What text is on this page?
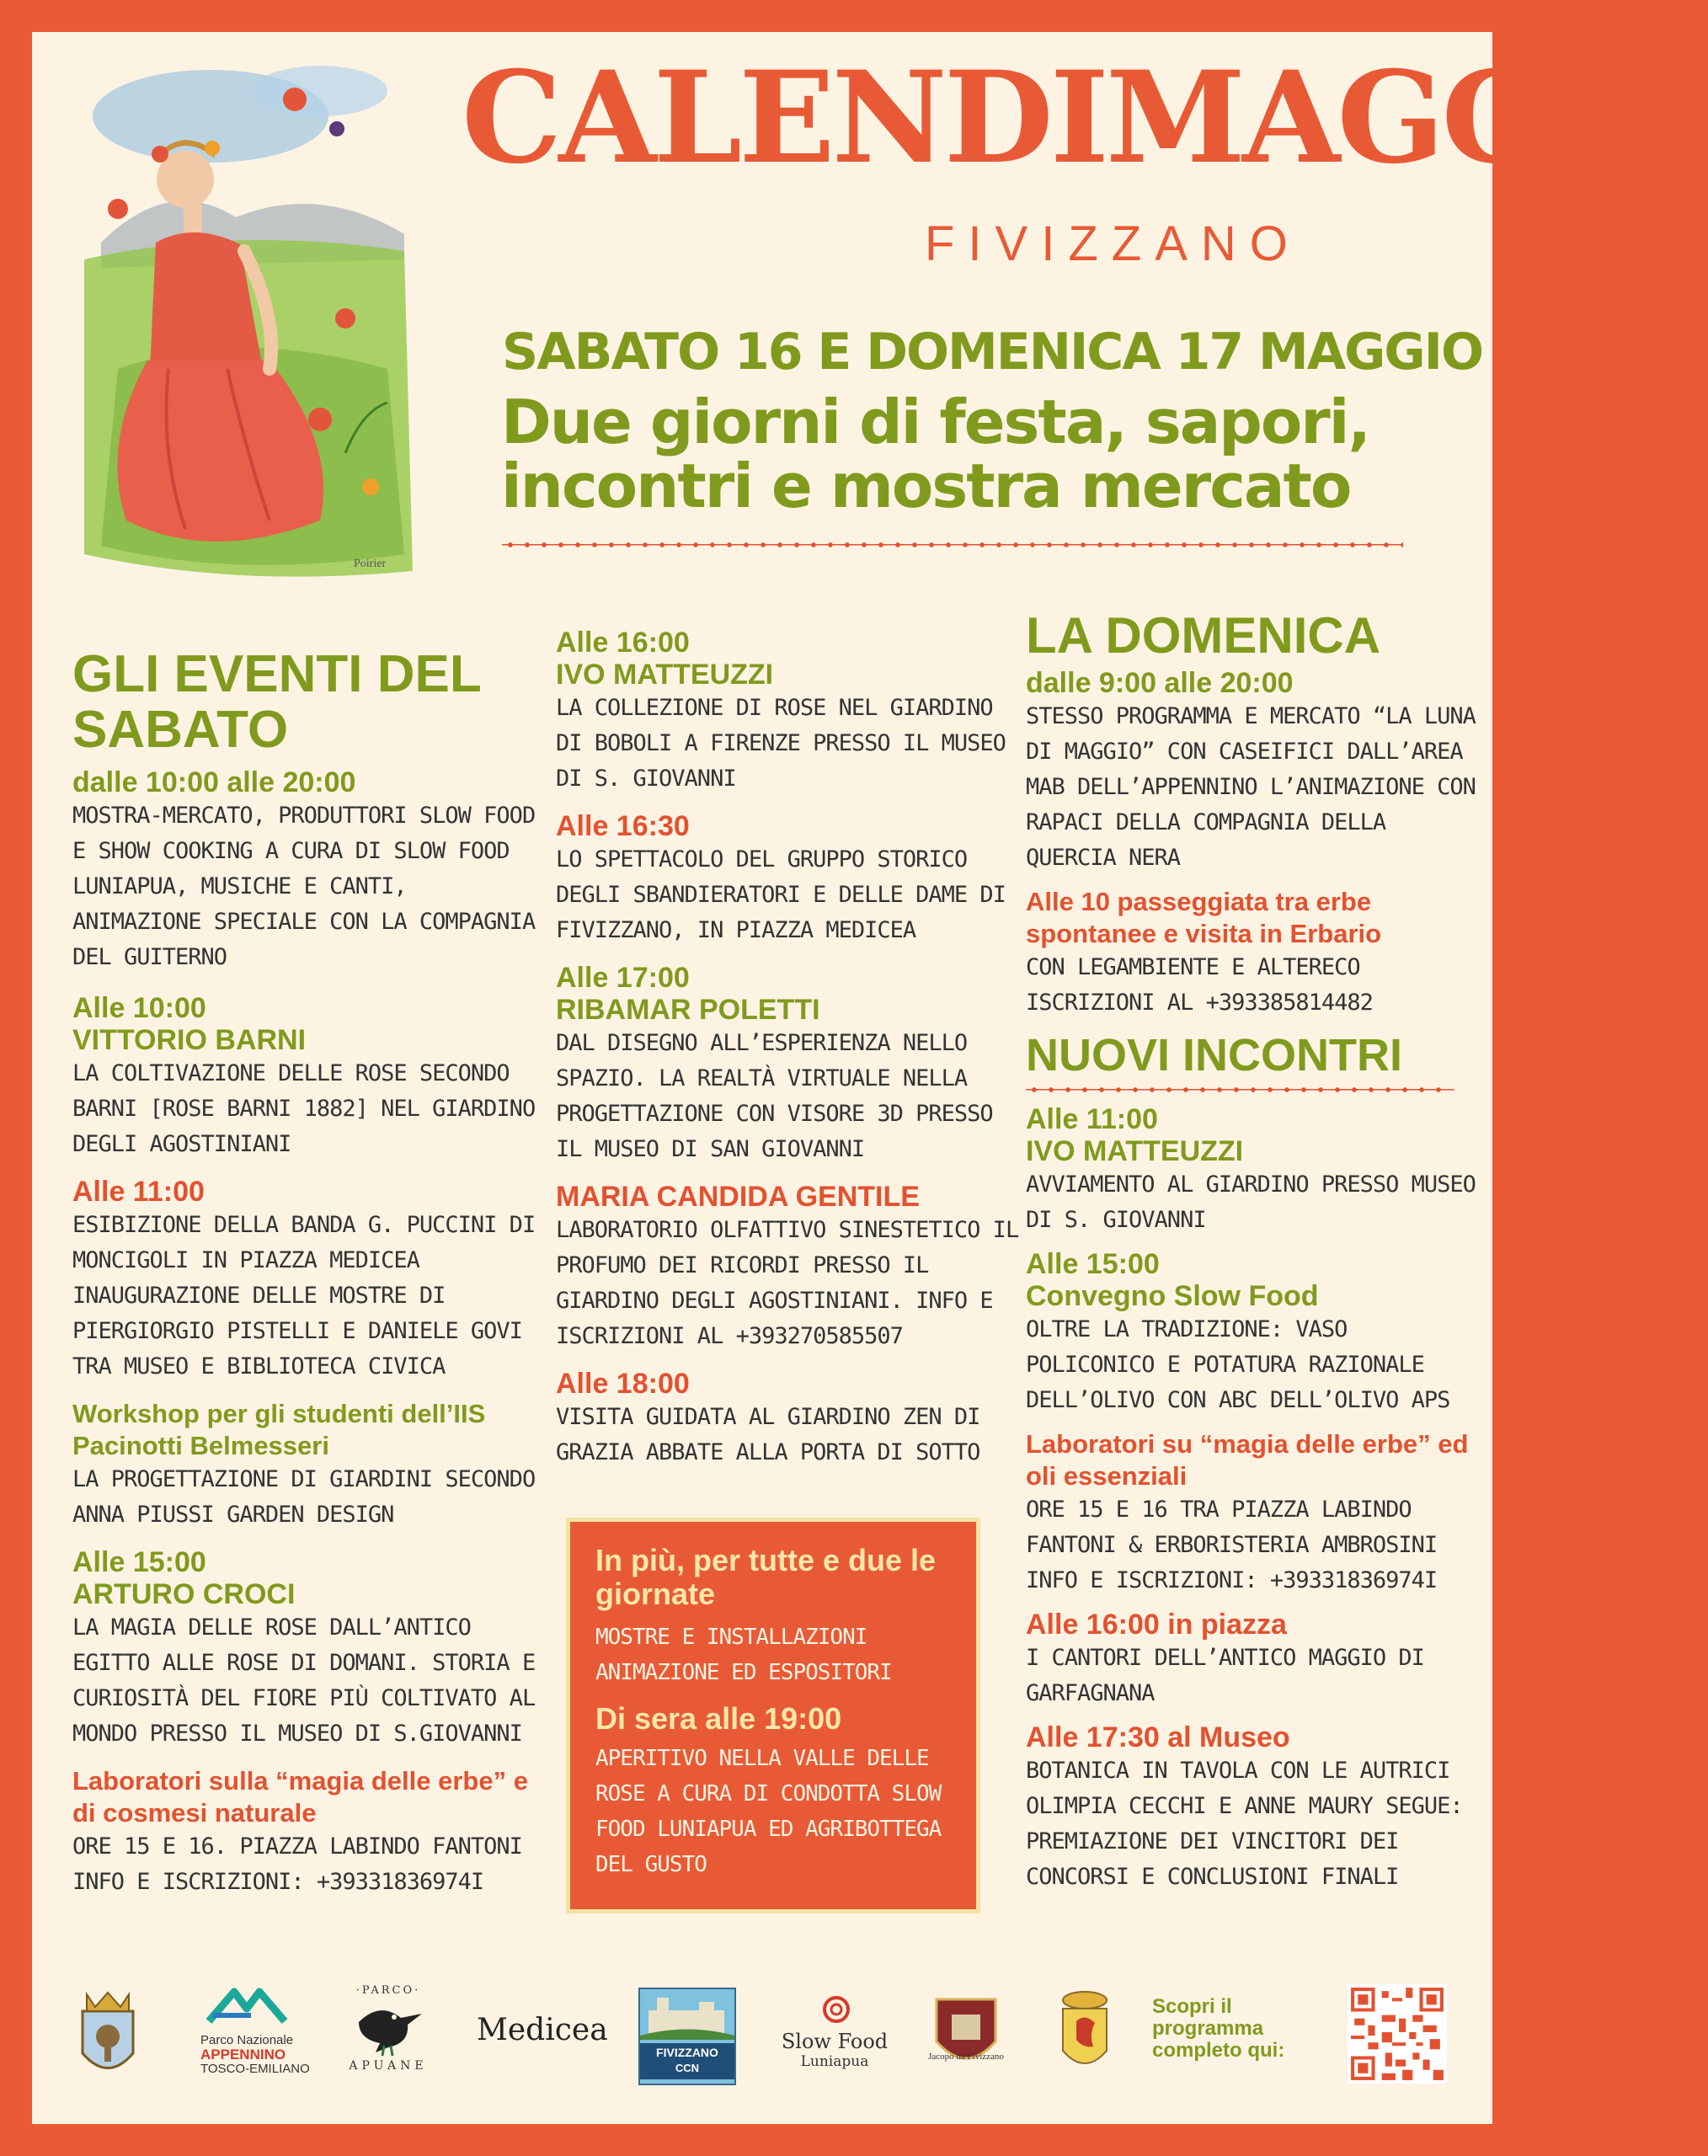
Poirier
CALENDIMAGGIO
FIVIZZANO
SABATO 16 E DOMENICA 17 MAGGIO
Due giorni di festa, sapori, incontri e mostra mercato
GLI EVENTI DEL SABATO
dalle 10:00 alle 20:00
MOSTRA-MERCATO, PRODUTTORI SLOW FOOD E SHOW COOKING A CURA DI SLOW FOOD LUNIAPUA, MUSICHE E CANTI, ANIMAZIONE SPECIALE CON LA COMPAGNIA DEL GUITERNO
Alle 10:00
VITTORIO BARNI
LA COLTIVAZIONE DELLE ROSE SECONDO BARNI [ROSE BARNI 1882] NEL GIARDINO DEGLI AGOSTINIANI
Alle 11:00
ESIBIZIONE DELLA BANDA G. PUCCINI DI MONCIGOLI IN PIAZZA MEDICEA INAUGURAZIONE DELLE MOSTRE DI PIERGIORGIO PISTELLI E DANIELE GOVI TRA MUSEO E BIBLIOTECA CIVICA
Workshop per gli studenti dell’IIS Pacinotti Belmesseri
LA PROGETTAZIONE DI GIARDINI SECONDO ANNA PIUSSI GARDEN DESIGN
Alle 15:00
ARTURO CROCI
LA MAGIA DELLE ROSE DALL’ANTICO EGITTO ALLE ROSE DI DOMANI. STORIA E CURIOSITÀ DEL FIORE PIÙ COLTIVATO AL MONDO PRESSO IL MUSEO DI S.GIOVANNI
Laboratori sulla “magia delle erbe” e di cosmesi naturale
ORE 15 E 16. PIAZZA LABINDO FANTONI INFO E ISCRIZIONI: +39331836974I
Alle 16:00
IVO MATTEUZZI
LA COLLEZIONE DI ROSE NEL GIARDINO DI BOBOLI A FIRENZE PRESSO IL MUSEO DI S. GIOVANNI
Alle 16:30
LO SPETTACOLO DEL GRUPPO STORICO DEGLI SBANDIERATORI E DELLE DAME DI FIVIZZANO, IN PIAZZA MEDICEA
Alle 17:00
RIBAMAR POLETTI
DAL DISEGNO ALL’ESPERIENZA NELLO SPAZIO. LA REALTÀ VIRTUALE NELLA PROGETTAZIONE CON VISORE 3D PRESSO IL MUSEO DI SAN GIOVANNI
MARIA CANDIDA GENTILE
LABORATORIO OLFATTIVO SINESTETICO IL PROFUMO DEI RICORDI PRESSO IL GIARDINO DEGLI AGOSTINIANI. INFO E ISCRIZIONI AL +393270585507
Alle 18:00
VISITA GUIDATA AL GIARDINO ZEN DI GRAZIA ABBATE ALLA PORTA DI SOTTO
In più, per tutte e due le giornate
MOSTRE E INSTALLAZIONI ANIMAZIONE ED ESPOSITORI
Di sera alle 19:00
APERITIVO NELLA VALLE DELLE ROSE A CURA DI CONDOTTA SLOW FOOD LUNIAPUA ED AGRIBOTTEGA DEL GUSTO
LA DOMENICA
dalle 9:00 alle 20:00
STESSO PROGRAMMA E MERCATO “LA LUNA DI MAGGIO” CON CASEIFICI DALL’AREA MAB DELL’APPENNINO L’ANIMAZIONE CON RAPACI DELLA COMPAGNIA DELLA QUERCIA NERA
Alle 10 passeggiata tra erbe spontanee e visita in Erbario
CON LEGAMBIENTE E ALTERECO ISCRIZIONI AL +393385814482
NUOVI INCONTRI
Alle 11:00
IVO MATTEUZZI
AVVIAMENTO AL GIARDINO PRESSO MUSEO DI S. GIOVANNI
Alle 15:00
Convegno Slow Food
OLTRE LA TRADIZIONE: VASO POLICONICO E POTATURA RAZIONALE DELL’OLIVO CON ABC DELL’OLIVO APS
Laboratori su “magia delle erbe” ed oli essenziali
ORE 15 E 16 TRA PIAZZA LABINDO FANTONI & ERBORISTERIA AMBROSINI INFO E ISCRIZIONI: +39331836974I
Alle 16:00 in piazza
I CANTORI DELL’ANTICO MAGGIO DI GARFAGNANA
Alle 17:30 al Museo
BOTANICA IN TAVOLA CON LE AUTRICI OLIMPIA CECCHI E ANNE MAURY SEGUE: PREMIAZIONE DEI VINCITORI DEI CONCORSI E CONCLUSIONI FINALI
Parco Nazionale
APPENNINO
TOSCO-EMILIANO
·PARCO·
APUANE
Medicea
FIVIZZANO
CCN
Slow Food
Luniapua	Jacopo da Fivizzano
Scopri il programma completo qui:
